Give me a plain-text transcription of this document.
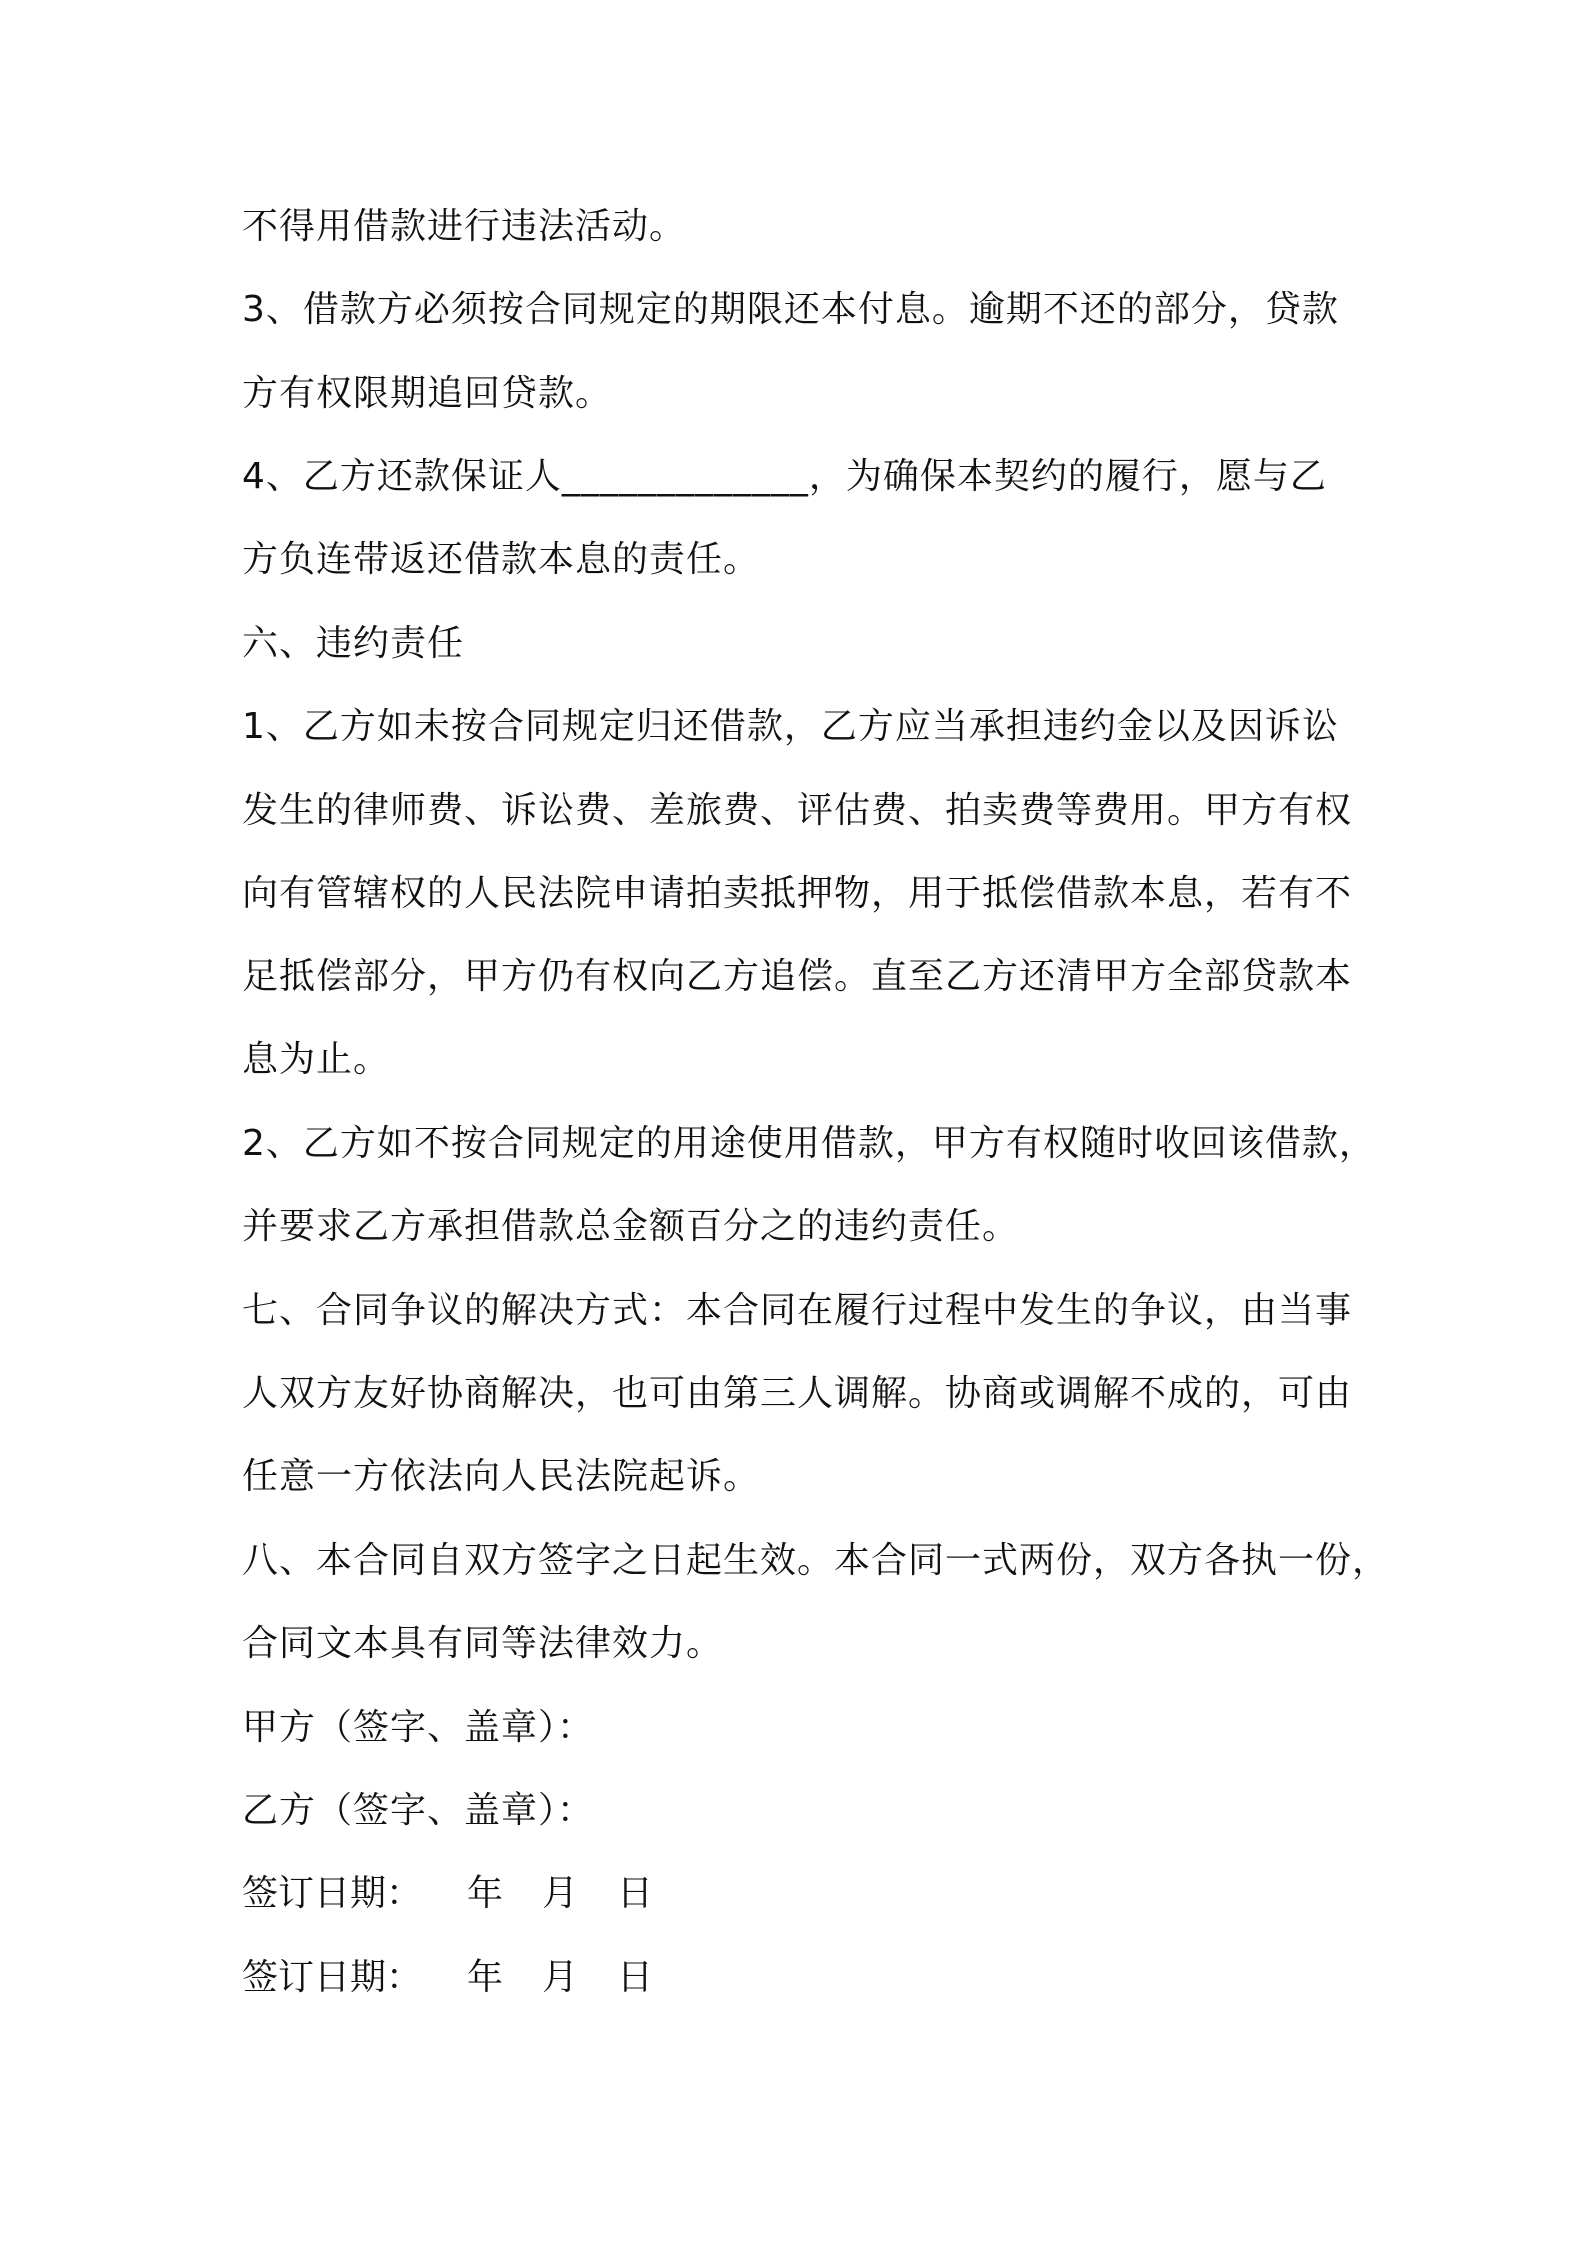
不得用借款进行违法活动。
3、借款方必须按合同规定的期限还本付息。逾期不还的部分，贷款
方有权限期追回贷款。
4、乙方还款保证人_____________，为确保本契约的履行，愿与乙
方负连带返还借款本息的责任。
六、违约责任
1、乙方如未按合同规定归还借款，乙方应当承担违约金以及因诉讼
发生的律师费、诉讼费、差旅费、评估费、拍卖费等费用。甲方有权
向有管辖权的人民法院申请拍卖抵押物，用于抵偿借款本息，若有不
足抵偿部分，甲方仍有权向乙方追偿。直至乙方还清甲方全部贷款本
息为止。
2、乙方如不按合同规定的用途使用借款，甲方有权随时收回该借款，
并要求乙方承担借款总金额百分之的违约责任。
七、合同争议的解决方式：本合同在履行过程中发生的争议，由当事
人双方友好协商解决，也可由第三人调解。协商或调解不成的，可由
任意一方依法向人民法院起诉。
八、本合同自双方签字之日起生效。本合同一式两份，双方各执一份，
合同文本具有同等法律效力。
甲方（签字、盖章）：
乙方（签字、盖章）：
签订日期： 年 月 日
签订日期： 年 月 日
